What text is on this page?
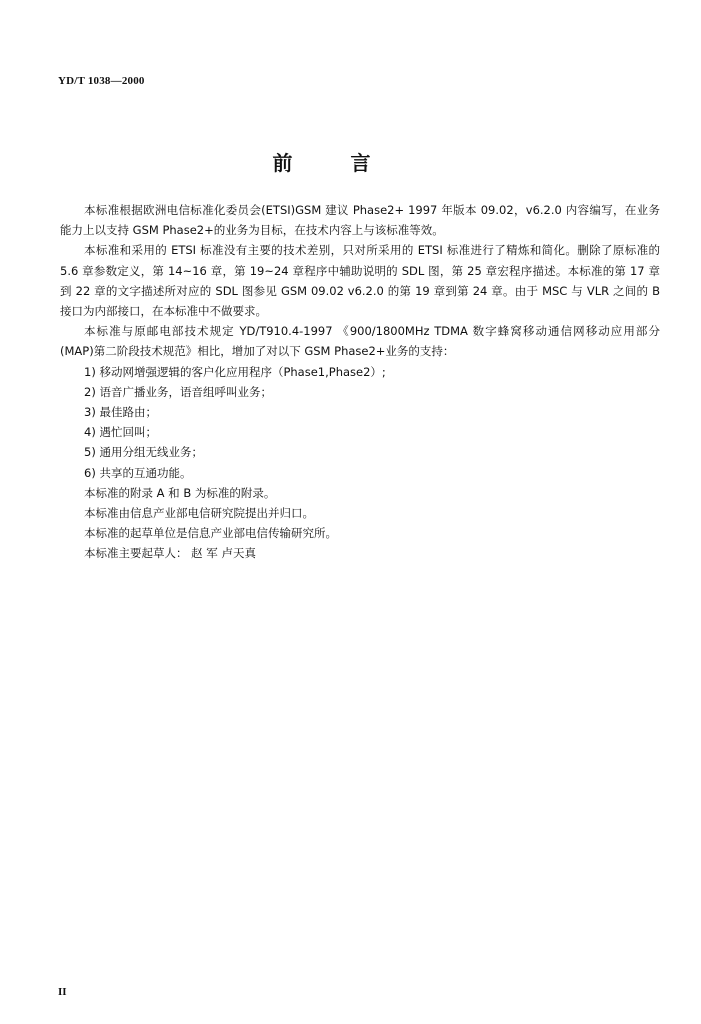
YD/T 1038—2000
前言

本标准根据欧洲电信标准化委员会(ETSI)GSM 建议 Phase2+ 1997 年版本 09.02，v6.2.0 内容编写，在业务能力上以支持 GSM Phase2+的业务为目标，在技术内容上与该标准等效。

本标准和采用的 ETSI 标准没有主要的技术差别，只对所采用的 ETSI 标准进行了精炼和简化。删除了原标准的 5.6 章参数定义，第 14~16 章，第 19~24 章程序中辅助说明的 SDL 图，第 25 章宏程序描述。本标准的第 17 章到 22 章的文字描述所对应的 SDL 图参见 GSM 09.02 v6.2.0 的第 19 章到第 24 章。由于 MSC 与 VLR 之间的 B 接口为内部接口，在本标准中不做要求。

本标准与原邮电部技术规定 YD/T910.4-1997 《900/1800MHz TDMA 数字蜂窝移动通信网移动应用部分(MAP)第二阶段技术规范》相比，增加了对以下 GSM Phase2+业务的支持：

1) 移动网增强逻辑的客户化应用程序（Phase1,Phase2）;

2) 语音广播业务，语音组呼叫业务；

3) 最佳路由；

4) 遇忙回叫；

5) 通用分组无线业务；

6) 共享的互通功能。

本标准的附录 A 和 B 为标准的附录。

本标准由信息产业部电信研究院提出并归口。

本标准的起草单位是信息产业部电信传输研究所。

本标准主要起草人： 赵 军 卢天真

II
